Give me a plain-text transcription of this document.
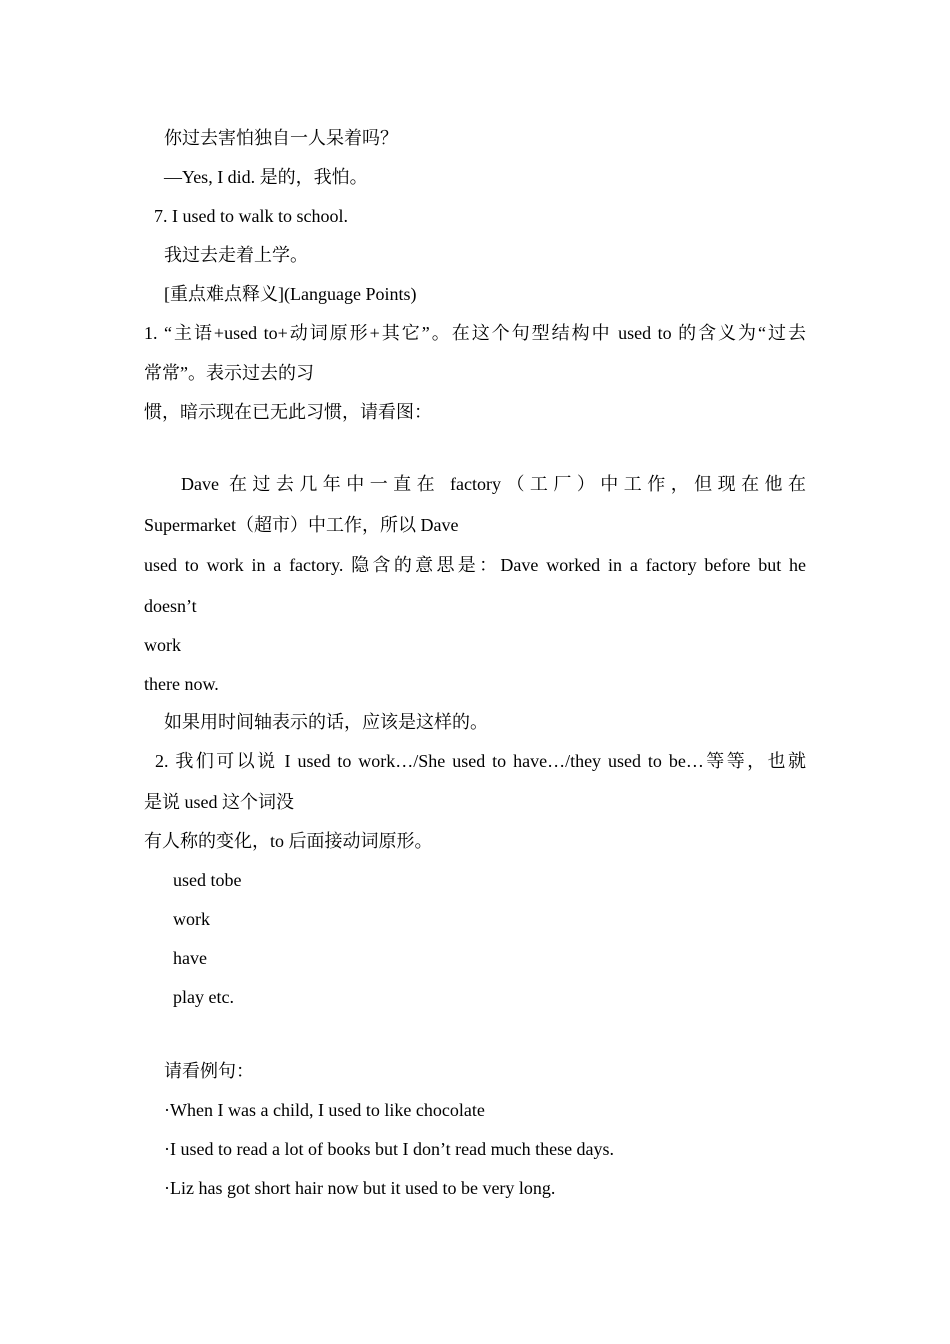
你过去害怕独自一人呆着吗？
—Yes, I did. 是的，我怕。
7. I used to walk to school.
我过去走着上学。
[重点难点释义](Language Points)
1. “主语+used to+动词原形+其它”。在这个句型结构中 used to 的含义为“过去
常常”。表示过去的习
惯，暗示现在已无此习惯，请看图：
Dave 在过去几年中一直在 factory（工厂）中工作，但现在他在
Supermarket（超市）中工作，所以 Dave
used to work in a factory. 隐含的意思是：Dave worked in a factory before but he
doesn’t
work
there now.
如果用时间轴表示的话，应该是这样的。
2. 我们可以说 I used to work…/She used to have…/they used to be…等等，也就
是说 used 这个词没
有人称的变化，to 后面接动词原形。
used tobe
work
have
play etc.
请看例句：
·When I was a child, I used to like chocolate
·I used to read a lot of books but I don’t read much these days.
·Liz has got short hair now but it used to be very long.
